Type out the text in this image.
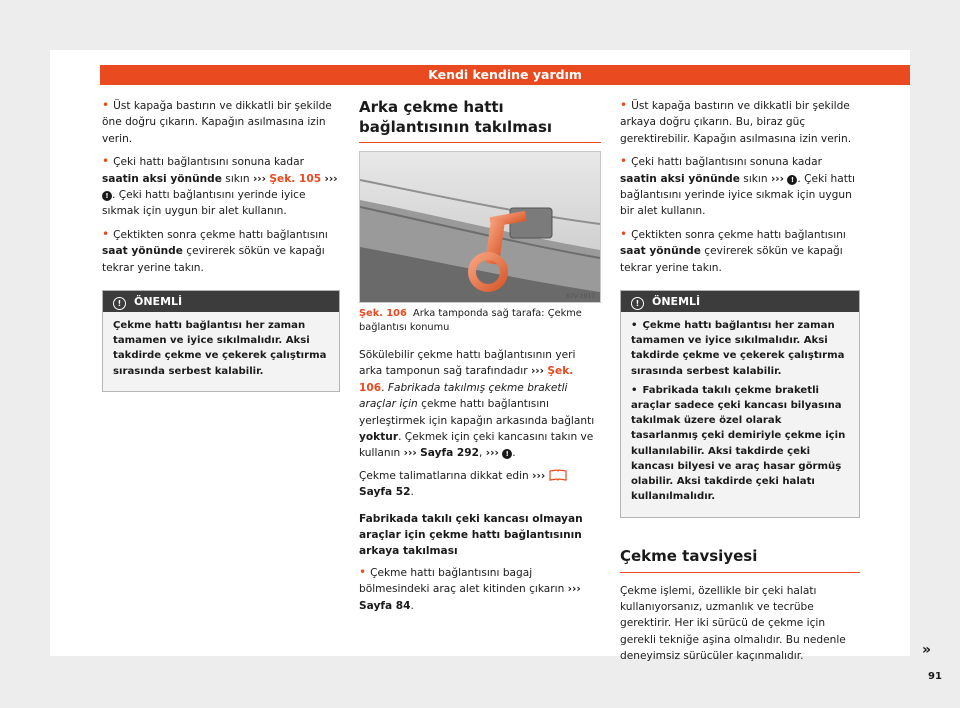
Kendi kendine yardım

• Üst kapağa bastırın ve dikkatli bir şekilde öne doğru çıkarın. Kapağın asılmasına izin verin.

• Çeki hattı bağlantısını sonuna kadar saatin aksi yönünde sıkın ››› Şek. 105 ››› ! . Çeki hattı bağlantısını yerinde iyice sıkmak için uygun bir alet kullanın.

• Çektikten sonra çekme hattı bağlantısını saat yönünde çevirerek sökün ve kapağı tekrar yerine takın.

! ÖNEMLİ

Çekme hattı bağlantısı her zaman tamamen ve iyice sıkılmalıdır. Aksi takdirde çekme ve çekerek çalıştırma sırasında serbest kalabilir.

Arka çekme hattı bağlantısının takılması
B7V-1017
Şek. 106 Arka tamponda sağ tarafa: Çekme bağlantısı konumu

Sökülebilir çekme hattı bağlantısının yeri arka tamponun sağ tarafındadır ››› Şek. 106. Fabrikada takılmış çekme braketli araçlar için çekme hattı bağlantısını yerleştirmek için kapağın arkasında bağlantı yoktur. Çekmek için çeki kancasını takın ve kullanın ››› Sayfa 292, ››› ! .

Çekme talimatlarına dikkat edin ›››  Sayfa 52.

Fabrikada takılı çeki kancası olmayan araçlar için çekme hattı bağlantısının arkaya takılması

• Çekme hattı bağlantısını bagaj bölmesindeki araç alet kitinden çıkarın ››› Sayfa 84.

• Üst kapağa bastırın ve dikkatli bir şekilde arkaya doğru çıkarın. Bu, biraz güç gerektirebilir. Kapağın asılmasına izin verin.

• Çeki hattı bağlantısını sonuna kadar saatin aksi yönünde sıkın ››› ! . Çeki hattı bağlantısını yerinde iyice sıkmak için uygun bir alet kullanın.

• Çektikten sonra çekme hattı bağlantısını saat yönünde çevirerek sökün ve kapağı tekrar yerine takın.

! ÖNEMLİ

• Çekme hattı bağlantısı her zaman tamamen ve iyice sıkılmalıdır. Aksi takdirde çekme ve çekerek çalıştırma sırasında serbest kalabilir.

• Fabrikada takılı çekme braketli araçlar sadece çeki kancası bilyasına takılmak üzere özel olarak tasarlanmış çeki demiriyle çekme için kullanılabilir. Aksi takdirde çeki kancası bilyesi ve araç hasar görmüş olabilir. Aksi takdirde çeki halatı kullanılmalıdır.

Çekme tavsiyesi

Çekme işlemi, özellikle bir çeki halatı kullanıyorsanız, uzmanlık ve tecrübe gerektirir. Her iki sürücü de çekme için gerekli tekniğe aşina olmalıdır. Bu nedenle deneyimsiz sürücüler kaçınmalıdır.	»
91
